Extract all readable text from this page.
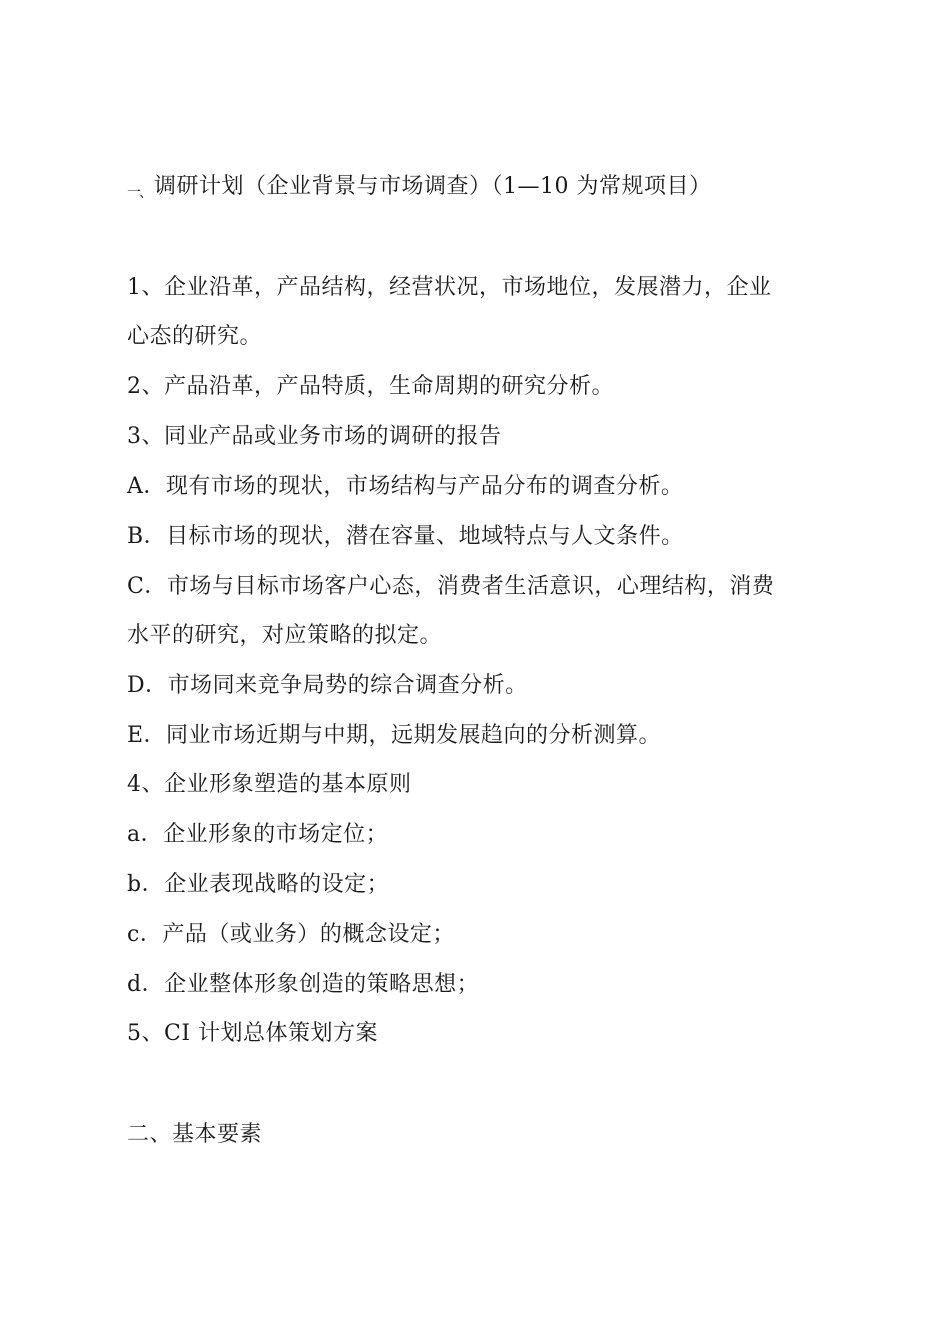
一、 调研计划（企业背景与市场调查）（1—10 为常规项目）
1、企业沿革，产品结构，经营状况，市场地位，发展潜力，企业
心态的研究。
2、产品沿革，产品特质，生命周期的研究分析。
3、同业产品或业务市场的调研的报告
A．现有市场的现状，市场结构与产品分布的调查分析。
B．目标市场的现状，潜在容量、地域特点与人文条件。
C．市场与目标市场客户心态，消费者生活意识，心理结构，消费
水平的研究，对应策略的拟定。
D．市场同来竞争局势的综合调查分析。
E．同业市场近期与中期，远期发展趋向的分析测算。
4、企业形象塑造的基本原则
a．企业形象的市场定位；
b．企业表现战略的设定；
c．产品（或业务）的概念设定；
d．企业整体形象创造的策略思想；
5、CI 计划总体策划方案
二、基本要素
